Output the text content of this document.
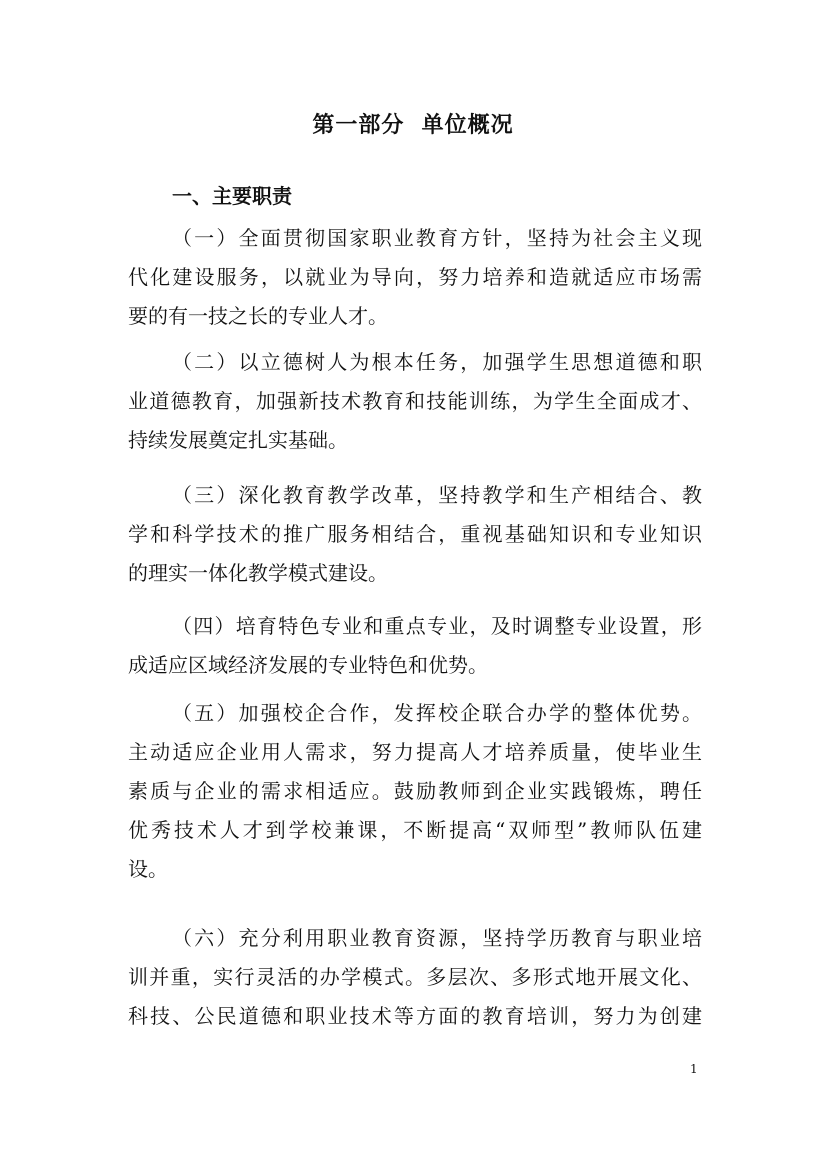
第一部分  单位概况
一、主要职责
（一）全面贯彻国家职业教育方针，坚持为社会主义现
代化建设服务，以就业为导向，努力培养和造就适应市场需
要的有一技之长的专业人才。
（二）以立德树人为根本任务，加强学生思想道德和职
业道德教育，加强新技术教育和技能训练，为学生全面成才、
持续发展奠定扎实基础。
（三）深化教育教学改革，坚持教学和生产相结合、教
学和科学技术的推广服务相结合，重视基础知识和专业知识
的理实一体化教学模式建设。
（四）培育特色专业和重点专业，及时调整专业设置，形
成适应区域经济发展的专业特色和优势。
（五）加强校企合作，发挥校企联合办学的整体优势。
主动适应企业用人需求，努力提高人才培养质量，使毕业生
素质与企业的需求相适应。鼓励教师到企业实践锻炼，聘任
优秀技术人才到学校兼课，不断提高“双师型”教师队伍建
设。
（六）充分利用职业教育资源，坚持学历教育与职业培
训并重，实行灵活的办学模式。多层次、多形式地开展文化、
科技、公民道德和职业技术等方面的教育培训，努力为创建
1
